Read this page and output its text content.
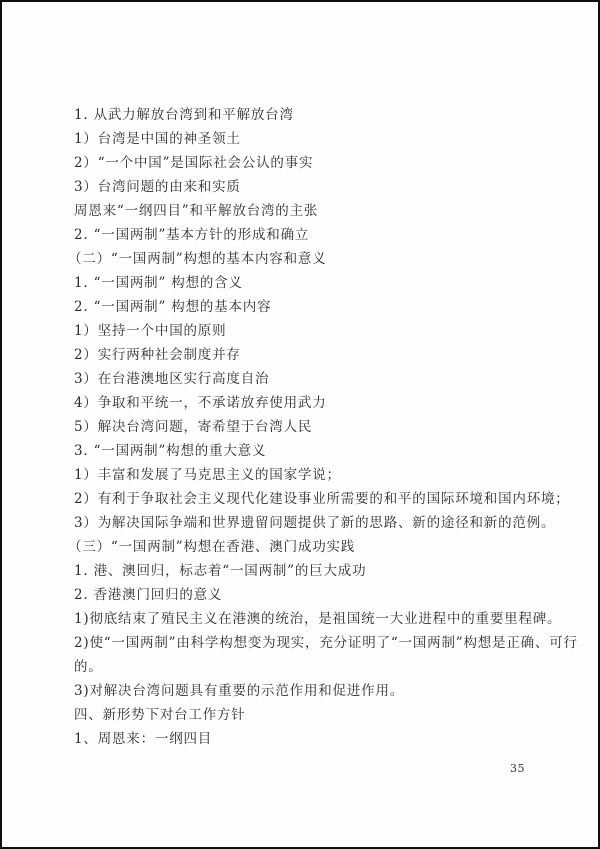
1. 从武力解放台湾到和平解放台湾

1）台湾是中国的神圣领土

2）“一个中国”是国际社会公认的事实

3）台湾问题的由来和实质

周恩来“一纲四目”和平解放台湾的主张

2. “一国两制”基本方针的形成和确立

（二）“一国两制”构想的基本内容和意义

1. “一国两制” 构想的含义

2. “一国两制” 构想的基本内容

1）坚持一个中国的原则

2）实行两种社会制度并存

3）在台港澳地区实行高度自治

4）争取和平统一，不承诺放弃使用武力

5）解决台湾问题，寄希望于台湾人民

3. “一国两制”构想的重大意义

1）丰富和发展了马克思主义的国家学说；

2）有利于争取社会主义现代化建设事业所需要的和平的国际环境和国内环境；

3）为解决国际争端和世界遗留问题提供了新的思路、新的途径和新的范例。

（三）“一国两制”构想在香港、澳门成功实践

1. 港、澳回归，标志着“一国两制”的巨大成功

2. 香港澳门回归的意义

1)彻底结束了殖民主义在港澳的统治，是祖国统一大业进程中的重要里程碑。

2)使“一国两制”由科学构想变为现实，充分证明了“一国两制”构想是正确、可行

的。

3)对解决台湾问题具有重要的示范作用和促进作用。

四、新形势下对台工作方针

1、周恩来：一纲四目

35
